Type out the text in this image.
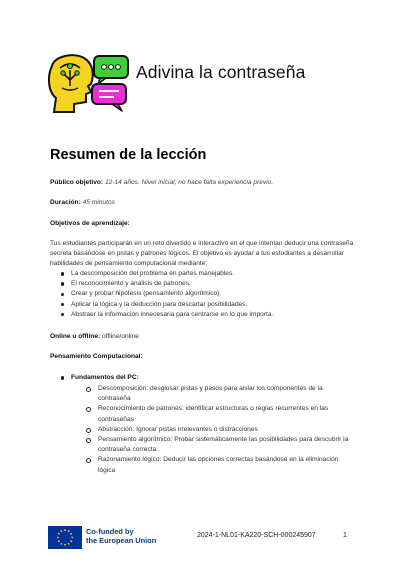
Adivina la contraseña
Resumen de la lección
Público objetivo: 12-14 años. Nivel inicial, no hace falta experiencia previo.
Duración: 45 minutos
Objetivos de aprendizaje:
Tus estudiantes participarán en un reto divertido e interactivo en el que intentan deducir una contraseña secreta basándose en pistas y patrones lógicos. El objetivo es ayudar a tus estudiantes a desarrollar habilidades de pensamiento computacional mediante:
La descomposición del problema en partes manejables.
El reconocimiento y análisis de patrones.
Crear y probar hipótesis (pensamiento algorítmico).
Aplicar la lógica y la deducción para descartar posibilidades.
Abstraer la información innecesaria para centrarse en lo que importa.
Online u offline: offline/online
Pensamiento Computacional:
Fundamentos del PC:
Descomposición: desglosar pistas y pasos para aislar los componentes de la contraseña
Reconocimiento de patrones: identificar estructuras o reglas recurrentes en las contraseñas
Abstracción: Ignorar pistas irrelevantes o distracciones
Pensamiento algorítmico: Probar sistemáticamente las posibilidades para descubrir la contraseña correcta
Razonamiento lógico: Deducir las opciones correctas basándose en la eliminación lógica
Co-funded by
the European Union
2024-1-NL01-KA220-SCH-000245907	1
